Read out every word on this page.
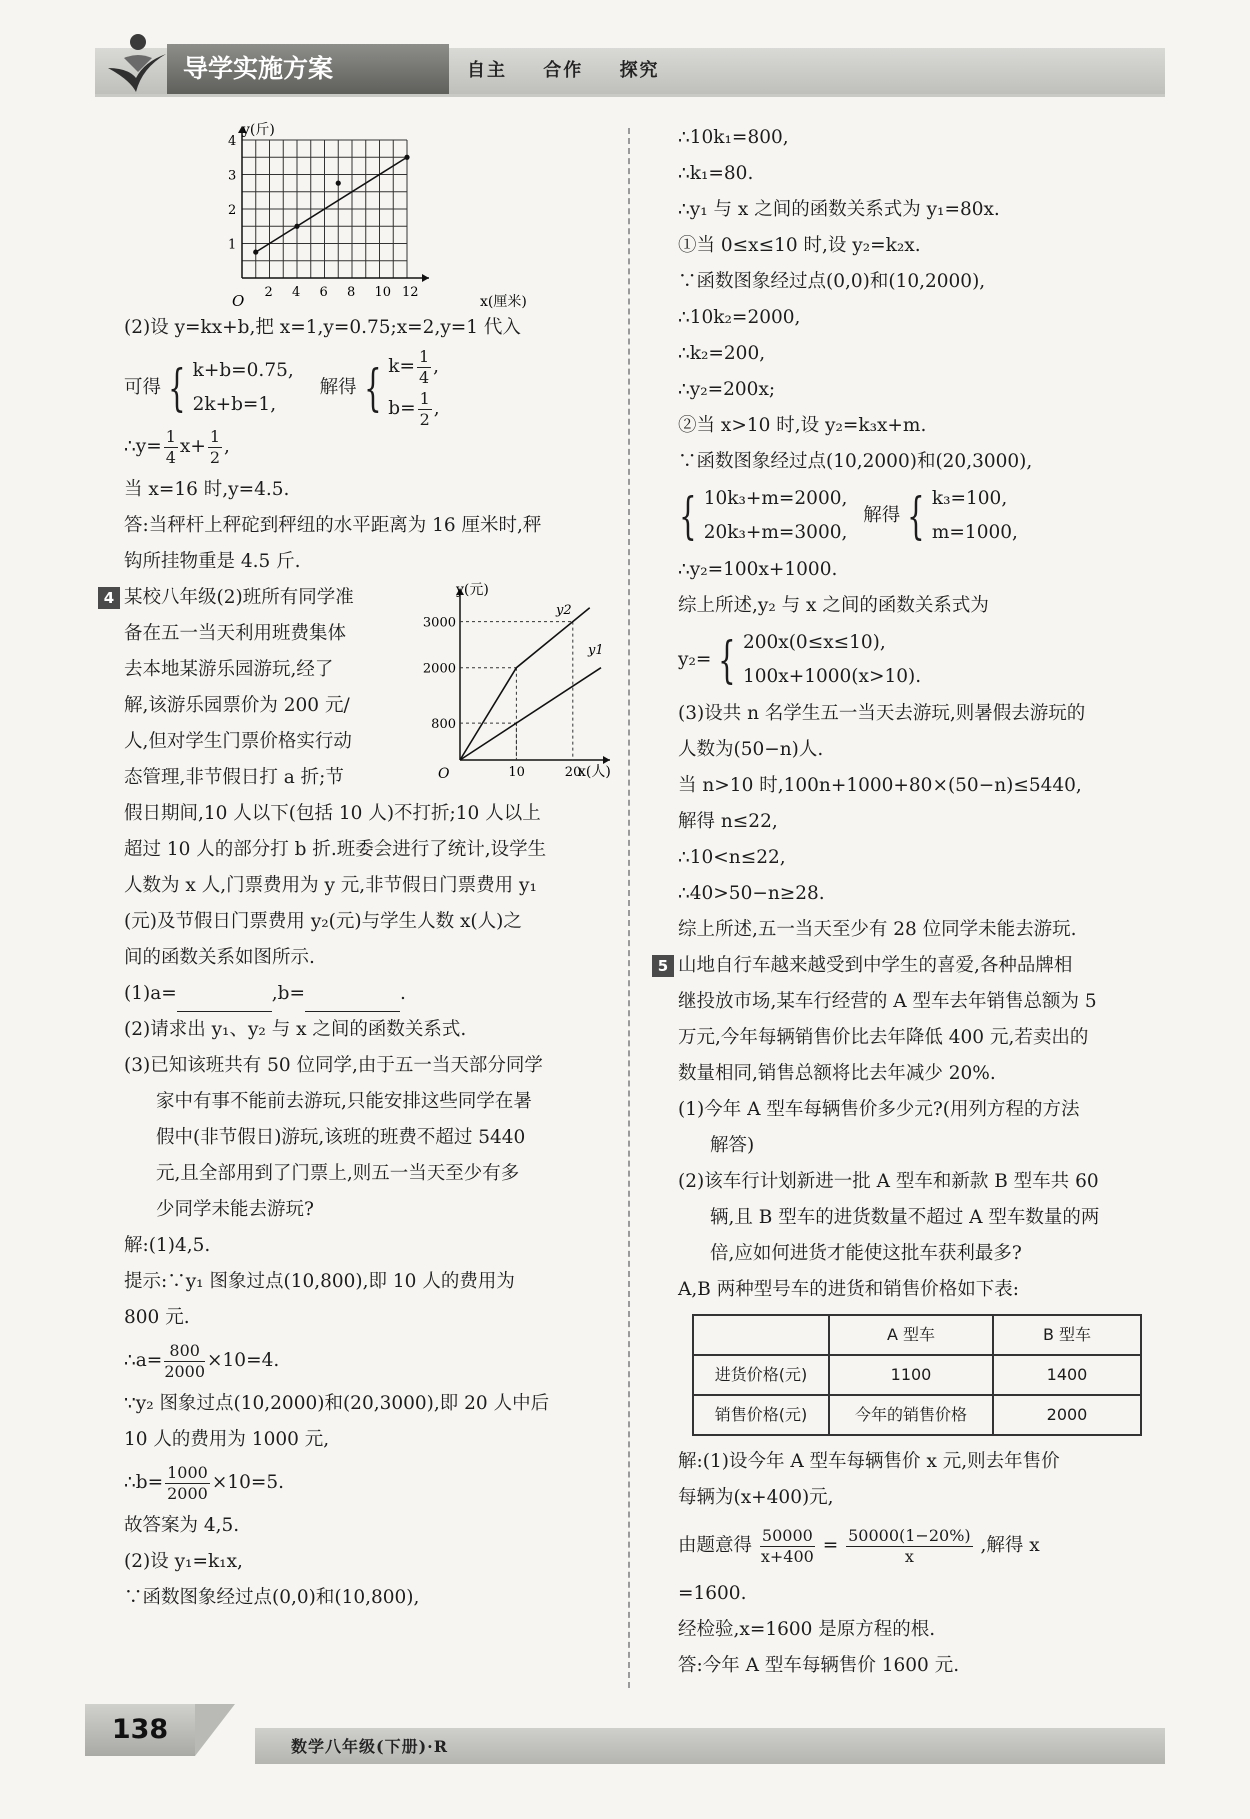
导学实施方案	自主 合作 探究
y(斤)
x(厘米)
O 2 4 6 8 10 12
1
2
3
4
(2)设 y=kx+b,把 x=1,y=0.75;x=2,y=1 代入
可得 { k+b=0.75,
2k+b=1,
解得 { $k= \frac{1}{4}$ ,
$b= \frac{1}{2}$ ,
∴y= $\frac{1}{4} x+ \frac{1}{2}$ ,
当 x=16 时,y=4.5.
答:当秤杆上秤砣到秤纽的水平距离为 16 厘米时,秤
钩所挂物重是 4.5 斤.
y(元)
x(人)
O	10	20
800
2000
3000
y2
y1
4 某校八年级(2)班所有同学准
备在五一当天利用班费集体
去本地某游乐园游玩,经了
解,该游乐园票价为 200 元/
人,但对学生门票价格实行动
态管理,非节假日打 a 折;节
假日期间,10 人以下(包括 10 人)不打折;10 人以上
超过 10 人的部分打 b 折.班委会进行了统计,设学生
人数为 x 人,门票费用为 y 元,非节假日门票费用 y₁
(元)及节假日门票费用 y₂(元)与学生人数 x(人)之
间的函数关系如图所示.
(1)a=	,b=	.
(2)请求出 y₁、y₂ 与 x 之间的函数关系式.
(3)已知该班共有 50 位同学,由于五一当天部分同学
家中有事不能前去游玩,只能安排这些同学在暑
假中(非节假日)游玩,该班的班费不超过 5440
元,且全部用到了门票上,则五一当天至少有多
少同学未能去游玩?
解:(1)4,5.
提示:∵y₁ 图象过点(10,800),即 10 人的费用为
800 元.
∴a= $\frac{800}{2000} \times 10=4$.
∵y₂ 图象过点(10,2000)和(20,3000),即 20 人中后
10 人的费用为 1000 元,
∴b= $\frac{1000}{2000} \times 10=5$.
故答案为 4,5.
(2)设 y₁=k₁x,
∵函数图象经过点(0,0)和(10,800),
∴10k₁=800,
∴k₁=80.
∴y₁ 与 x 之间的函数关系式为 y₁=80x.
①当 0≤x≤10 时,设 y₂=k₂x.
∵函数图象经过点(0,0)和(10,2000),
∴10k₂=2000,
∴k₂=200,
∴y₂=200x;
②当 x>10 时,设 y₂=k₃x+m.
∵函数图象经过点(10,2000)和(20,3000),
{ 10k₃+m=2000,
20k₃+m=3000,
解得 { k₃=100,
m=1000,
∴y₂=100x+1000.
综上所述,y₂ 与 x 之间的函数关系式为
y₂= { 200x(0≤x≤10),
100x+1000(x>10).
(3)设共 n 名学生五一当天去游玩,则暑假去游玩的
人数为(50−n)人.
当 n>10 时,100n+1000+80×(50−n)≤5440,
解得 n≤22,
∴10<n≤22,
∴40>50−n≥28.
综上所述,五一当天至少有 28 位同学未能去游玩.
5 山地自行车越来越受到中学生的喜爱,各种品牌相
继投放市场,某车行经营的 A 型车去年销售总额为 5
万元,今年每辆销售价比去年降低 400 元,若卖出的
数量相同,销售总额将比去年减少 20%.
(1)今年 A 型车每辆售价多少元?(用列方程的方法
解答)
(2)该车行计划新进一批 A 型车和新款 B 型车共 60
辆,且 B 型车的进货数量不超过 A 型车数量的两
倍,应如何进货才能使这批车获利最多?
A,B 两种型号车的进货和销售价格如下表:
	A 型车	B 型车
进货价格(元)	1100	1400
销售价格(元)	今年的销售价格	2000
解:(1)设今年 A 型车每辆售价 x 元,则去年售价
每辆为(x+400)元,
由题意得 $\frac{50000}{x+400} = \frac{50000(1-20\%)}{x}$ ,解得 x
=1600.
经检验,x=1600 是原方程的根.
答:今年 A 型车每辆售价 1600 元.
138
数学八年级(下册)·R
